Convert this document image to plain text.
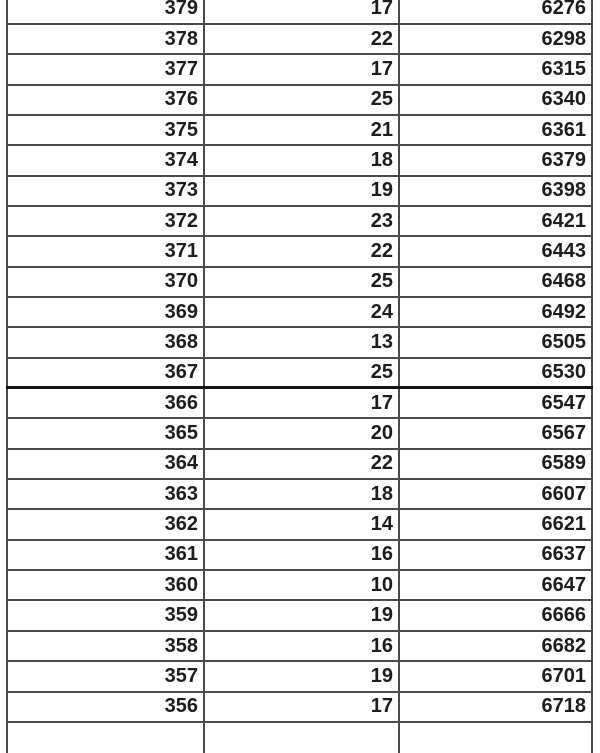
379	17	6276
378	22	6298
377	17	6315
376	25	6340
375	21	6361
374	18	6379
373	19	6398
372	23	6421
371	22	6443
370	25	6468
369	24	6492
368	13	6505
367	25	6530
366	17	6547
365	20	6567
364	22	6589
363	18	6607
362	14	6621
361	16	6637
360	10	6647
359	19	6666
358	16	6682
357	19	6701
356	17	6718
